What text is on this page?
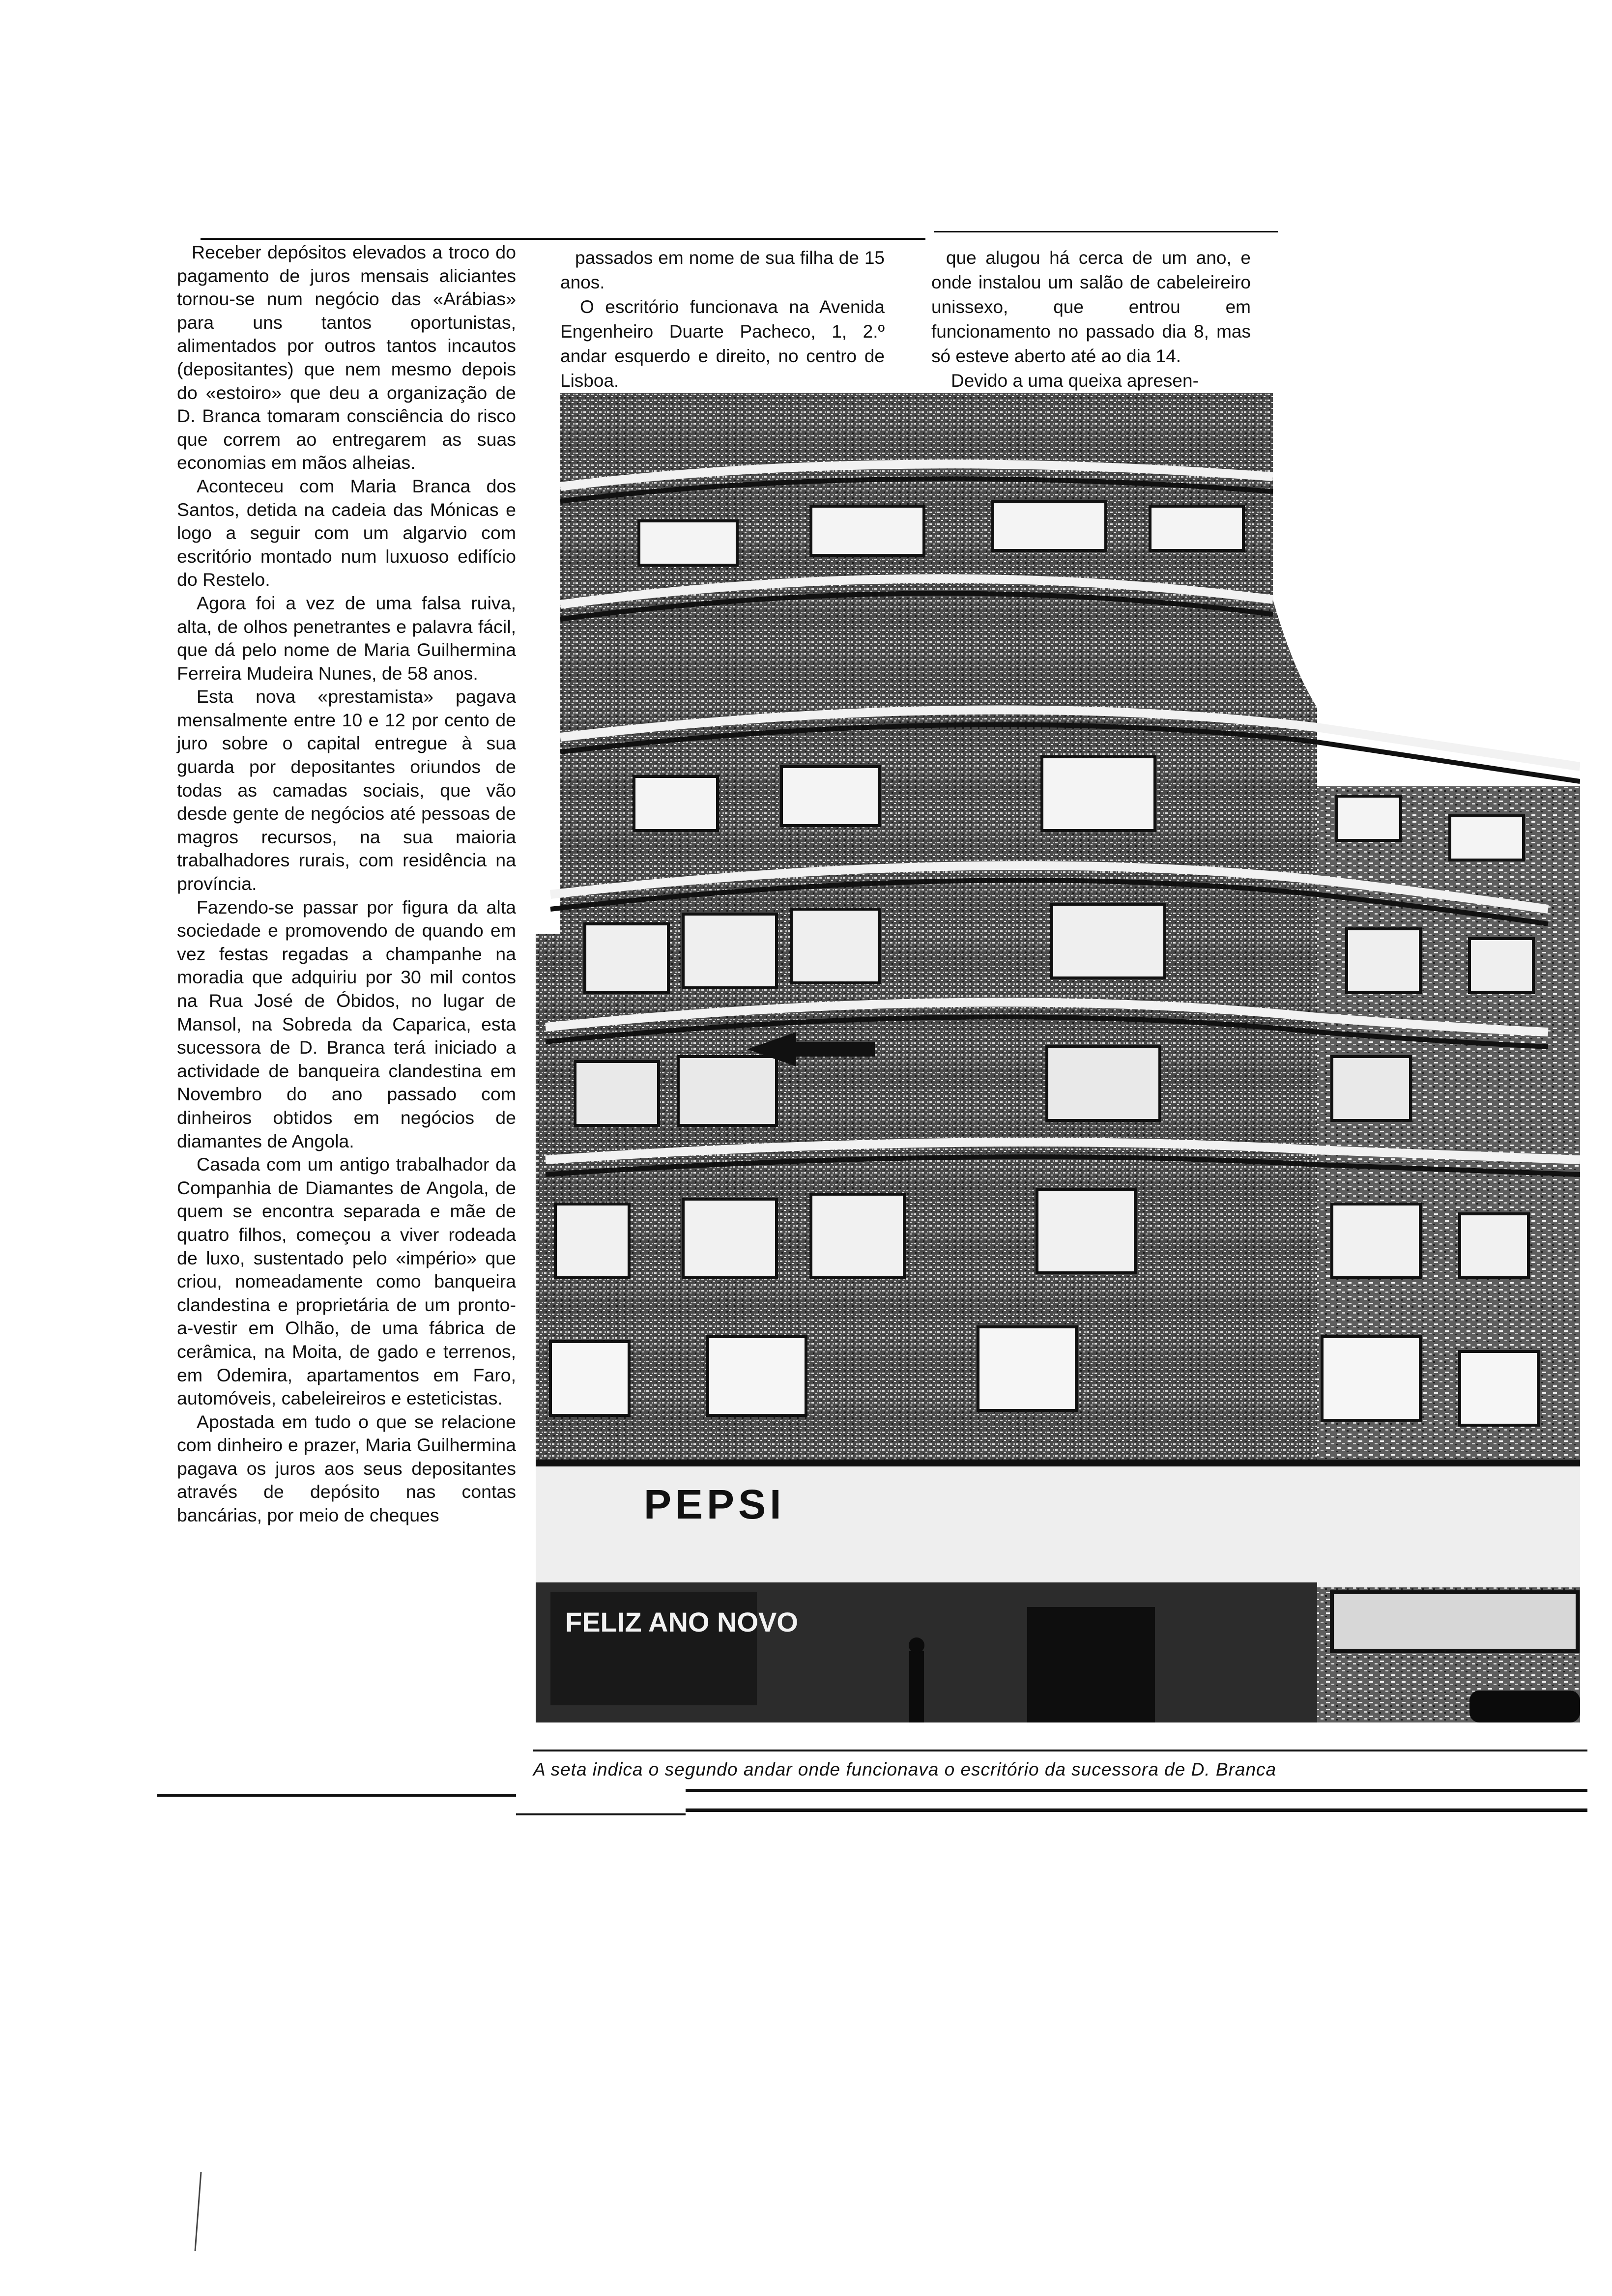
Receber depósitos elevados a troco do pagamento de juros mensais aliciantes tornou-se num negócio das «Arábias» para uns tantos oportunistas, alimentados por outros tantos incautos (depositantes) que nem mesmo depois do «estoiro» que deu a organização de D. Branca tomaram consciência do risco que correm ao entregarem as suas economias em mãos alheias.

Aconteceu com Maria Branca dos Santos, detida na cadeia das Mónicas e logo a seguir com um algarvio com escritório montado num luxuoso edifício do Restelo.

Agora foi a vez de uma falsa ruiva, alta, de olhos penetrantes e palavra fácil, que dá pelo nome de Maria Guilhermina Ferreira Mudeira Nunes, de 58 anos.

Esta nova «prestamista» pagava mensalmente entre 10 e 12 por cento de juro sobre o capital entregue à sua guarda por depositantes oriundos de todas as camadas sociais, que vão desde gente de negócios até pessoas de magros recursos, na sua maioria trabalhadores rurais, com residência na província.

Fazendo-se passar por figura da alta sociedade e promovendo de quando em vez festas regadas a champanhe na moradia que adquiriu por 30 mil contos na Rua José de Óbidos, no lugar de Mansol, na Sobreda da Caparica, esta sucessora de D. Branca terá iniciado a actividade de banqueira clandestina em Novembro do ano passado com dinheiros obtidos em negócios de diamantes de Angola.

Casada com um antigo trabalhador da Companhia de Diamantes de Angola, de quem se encontra separada e mãe de quatro filhos, começou a viver rodeada de luxo, sustentado pelo «império» que criou, nomeadamente como banqueira clandestina e proprietária de um pronto-a-vestir em Olhão, de uma fábrica de cerâmica, na Moita, de gado e terrenos, em Odemira, apartamentos em Faro, automóveis, cabeleireiros e esteticistas.

Apostada em tudo o que se relacione com dinheiro e prazer, Maria Guilhermina pagava os juros aos seus depositantes através de depósito nas contas bancárias, por meio de cheques

passados em nome de sua filha de 15 anos.

O escritório funcionava na Avenida Engenheiro Duarte Pacheco, 1, 2.º andar esquerdo e direito, no centro de Lisboa.

que alugou há cerca de um ano, e onde instalou um salão de cabeleireiro unissexo, que entrou em funcionamento no passado dia 8, mas só esteve aberto até ao dia 14.

Devido a uma queixa apresen-

FELIZ ANO NOVO
PEPSI
A seta indica o segundo andar onde funcionava o escritório da sucessora de D. Branca
